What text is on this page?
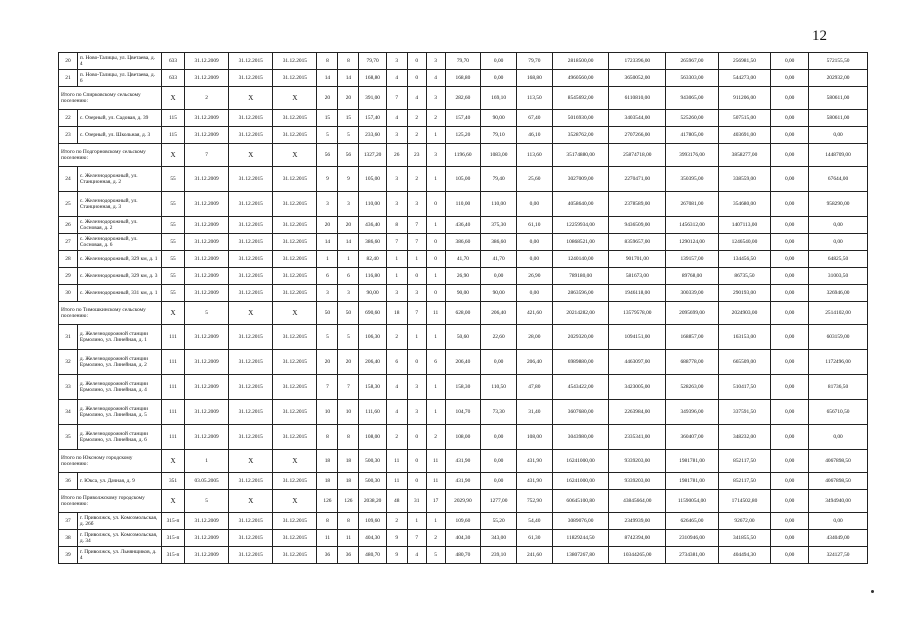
12
20	п. Ново-Талицы, ул. Цветаева, д. 4	633	31.12.2009	31.12.2015	31.12.2015	8	8	79,70	3	0	3	79,70	0,00	79,70	2818500,00	1723396,00	265967,00	256981,50	0,00	572155,50
21	п. Ново-Талицы, ул. Цветаева, д. 6	633	31.12.2009	31.12.2015	31.12.2015	14	14	168,80	4	0	4	168,80	0,00	168,80	4960560,00	3650052,00	563303,00	544273,00	0,00	202932,00
Итого по Спирковскому сельскому поселению:		X	2	X	X	20	20	391,00	7	4	3	282,60	169,10	113,50	8545692,00	6110810,00	943065,00	911206,00	0,00	580611,00
22	с. Озерный, ул. Садовая, д. 39	115	31.12.2009	31.12.2015	31.12.2015	15	15	157,40	4	2	2	157,40	90,00	67,40	5016930,00	3403544,00	525260,00	507515,00	0,00	580611,00
23	с. Озерный, ул. Школьная, д. 3	115	31.12.2009	31.12.2015	31.12.2015	5	5	233,60	3	2	1	125,20	79,10	46,10	3528762,00	2707266,00	417805,00	403691,00	0,00	0,00
Итого по Подгорновскому сельскому поселению:		X	7	X	X	56	56	1327,20	26	23	3	1196,60	1083,00	113,60	35174880,00	25874718,00	3993176,00	3858277,00	0,00	1448709,00
24	с. Железнодорожный, ул. Станционная, д. 2	55	31.12.2009	31.12.2015	31.12.2015	9	9	105,00	3	2	1	105,00	79,40	25,60	3027009,00	2270471,00	350395,00	338559,00	0,00	67644,00
25	с. Железнодорожный, ул. Станционная, д. 3	55	31.12.2009	31.12.2015	31.12.2015	3	3	110,00	3	3	0	110,00	110,00	0,00	4058640,00	2378589,00	267081,00	354680,00	0,00	958290,00
26	с. Железнодорожный, ул. Сосновая, д. 2	55	31.12.2009	31.12.2015	31.12.2015	20	20	436,40	8	7	1	436,40	375,30	61,10	12259934,00	9436509,00	1456312,00	1407113,00	0,00	0,00
27	с. Железнодорожный, ул. Сосновая, д. 6	55	31.12.2009	31.12.2015	31.12.2015	14	14	386,60	7	7	0	386,60	386,60	0,00	10868521,00	8359657,00	1290124,00	1246540,00	0,00	0,00
28	с. Железнодорожный, 329 км, д. 1	55	31.12.2009	31.12.2015	31.12.2015	1	1	82,40	1	1	0	41,70	41,70	0,00	1240140,00	901701,00	139157,00	134456,50	0,00	64825,50
29	с. Железнодорожный, 329 км, д. 3	55	31.12.2009	31.12.2015	31.12.2015	6	6	116,80	1	0	1	26,90	0,00	26,90	789180,00	581673,00	89768,00	86735,50	0,00	31003,50
30	с. Железнодорожный, 331 км, д. 1	55	31.12.2009	31.12.2015	31.12.2015	3	3	90,00	3	3	0	90,00	90,00	0,00	2863596,00	1946118,00	300339,00	290193,00	0,00	326946,00
Итого по Тимошкинскому сельскому поселению:		X	5	X	X	50	50	690,60	18	7	11	628,00	206,40	421,60	20214282,00	13579578,00	2095699,00	2024903,00	0,00	2514102,00
31	д. Железнодорожной станции Ермолино, ул. Линейная, д. 1	111	31.12.2009	31.12.2015	31.12.2015	5	5	106,30	2	1	1	50,60	22,60	28,00	2029320,00	1094151,00	168857,00	163153,00	0,00	603159,00
32	д. Железнодорожной станции Ермолино, ул. Линейная, д. 2	111	31.12.2009	31.12.2015	31.12.2015	20	20	206,40	6	0	6	206,40	0,00	206,40	6989880,00	4463097,00	688778,00	665509,00	0,00	1172496,00
33	д. Железнодорожной станции Ермолино, ул. Линейная, д. 4	111	31.12.2009	31.12.2015	31.12.2015	7	7	158,30	4	3	1	158,30	110,50	47,80	4543422,00	3423005,00	528263,00	510417,50	0,00	81736,50
34	д. Железнодорожной станции Ермолино, ул. Линейная, д. 5	111	31.12.2009	31.12.2015	31.12.2015	10	10	111,60	4	3	1	104,70	73,30	31,40	3607680,00	2263984,00	349396,00	337591,50	0,00	656710,50
35	д. Железнодорожной станции Ермолино, ул. Линейная, д. 6	111	31.12.2009	31.12.2015	31.12.2015	8	8	108,00	2	0	2	108,00	0,00	108,00	3043980,00	2335341,00	360407,00	348232,00	0,00	0,00
Итого по Юксному городскому поселению:		X	1	X	X	18	18	500,30	11	0	11	431,90	0,00	431,90	16241000,00	9339203,00	1981781,00	852117,50	0,00	4067898,50
36	г. Юкса, ул. Дачная, д. 9	351	03.05.2005	31.12.2015	31.12.2015	18	18	500,30	11	0	11	431,90	0,00	431,90	16241000,00	9339203,00	1981781,00	852117,50	0,00	4067898,50
Итого по Приволжскому городскому поселению:		X	5	X	X	126	126	2038,20	48	31	17	2029,90	1277,00	752,90	60645100,80	43845664,00	11590054,00	1714502,80	0,00	3494940,00
37	г. Приволжск, ул. Комсомольская, д. 26б	315-п	31.12.2009	31.12.2015	31.12.2015	8	8	109,60	2	1	1	109,60	55,20	54,40	3089076,00	2349939,00	626465,00	92672,00	0,00	0,00
38	г. Приволжск, ул. Комсомольская, д. 34	315-п	31.12.2009	31.12.2015	31.12.2015	11	11	404,30	9	7	2	404,30	343,00	61,30	11829244,50	8742394,00	2310946,00	341855,50	0,00	434049,00
39	г. Приволжск, ул. Льнянщиков, д. 4	315-п	31.12.2009	31.12.2015	31.12.2015	36	36	480,70	9	4	5	480,70	239,10	241,60	13807267,80	10344265,00	2734381,00	404494,30	0,00	324127,50
